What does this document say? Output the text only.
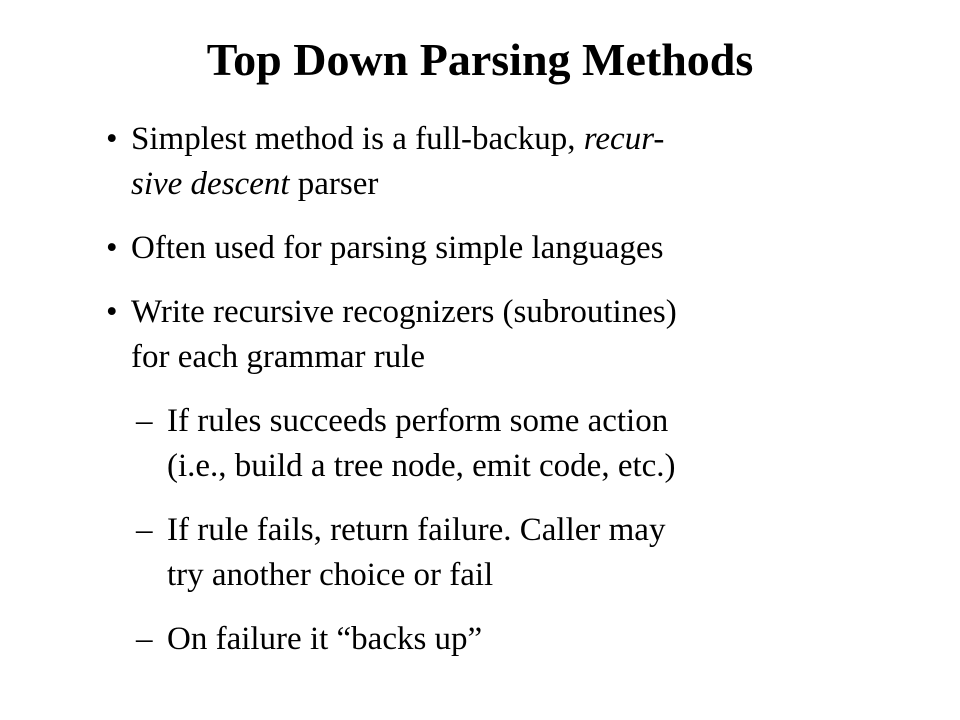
Top Down Parsing Methods
• Simplest method is a full-backup, recur-
sive descent parser
• Often used for parsing simple languages
• Write recursive recognizers (subroutines)
for each grammar rule
– If rules succeeds perform some action
(i.e., build a tree node, emit code, etc.)
– If rule fails, return failure. Caller may
try another choice or fail
– On failure it “backs up”
